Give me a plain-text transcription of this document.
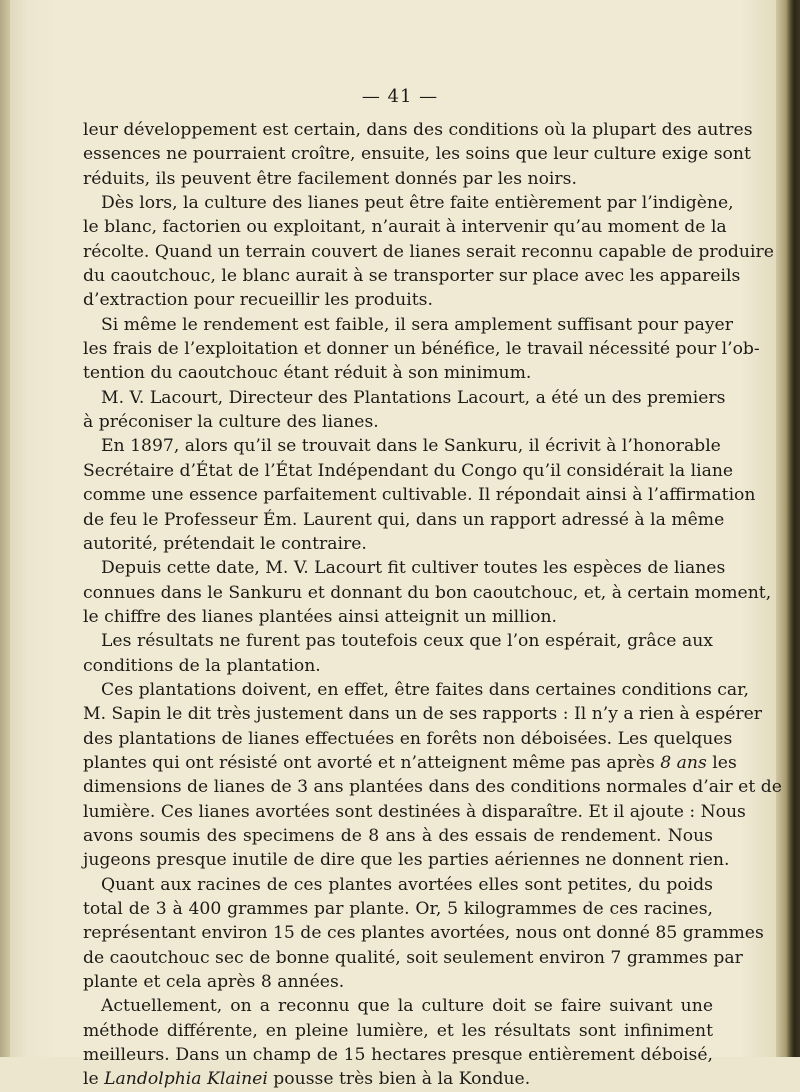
— 41 —
leur développement est certain, dans des conditions où la plupart des autres
essences ne pourraient croître, ensuite, les soins que leur culture exige sont
réduits, ils peuvent être facilement donnés par les noirs.
Dès lors, la culture des lianes peut être faite entièrement par l’indigène,
le blanc, factorien ou exploitant, n’aurait à intervenir qu’au moment de la
récolte. Quand un terrain couvert de lianes serait reconnu capable de produire
du caoutchouc, le blanc aurait à se transporter sur place avec les appareils
d’extraction pour recueillir les produits.
Si même le rendement est faible, il sera amplement suffisant pour payer
les frais de l’exploitation et donner un bénéfice, le travail nécessité pour l’ob-
tention du caoutchouc étant réduit à son minimum.
M. V. Lacourt, Directeur des Plantations Lacourt, a été un des premiers
à préconiser la culture des lianes.
En 1897, alors qu’il se trouvait dans le Sankuru, il écrivit à l’honorable
Secrétaire d’État de l’État Indépendant du Congo qu’il considérait la liane
comme une essence parfaitement cultivable. Il répondait ainsi à l’affirmation
de feu le Professeur Ém. Laurent qui, dans un rapport adressé à la même
autorité, prétendait le contraire.
Depuis cette date, M. V. Lacourt fit cultiver toutes les espèces de lianes
connues dans le Sankuru et donnant du bon caoutchouc, et, à certain moment,
le chiffre des lianes plantées ainsi atteignit un million.
Les résultats ne furent pas toutefois ceux que l’on espérait, grâce aux
conditions de la plantation.
Ces plantations doivent, en effet, être faites dans certaines conditions car,
M. Sapin le dit très justement dans un de ses rapports : Il n’y a rien à espérer
des plantations de lianes effectuées en forêts non déboisées. Les quelques
plantes qui ont résisté ont avorté et n’atteignent même pas après 8 ans les
dimensions de lianes de 3 ans plantées dans des conditions normales d’air et de
lumière. Ces lianes avortées sont destinées à disparaître. Et il ajoute : Nous
avons soumis des specimens de 8 ans à des essais de rendement. Nous
jugeons presque inutile de dire que les parties aériennes ne donnent rien.
Quant aux racines de ces plantes avortées elles sont petites, du poids
total de 3 à 400 grammes par plante. Or, 5 kilogrammes de ces racines,
représentant environ 15 de ces plantes avortées, nous ont donné 85 grammes
de caoutchouc sec de bonne qualité, soit seulement environ 7 grammes par
plante et cela après 8 années.
Actuellement, on a reconnu que la culture doit se faire suivant une
méthode différente, en pleine lumière, et les résultats sont infiniment
meilleurs. Dans un champ de 15 hectares presque entièrement déboisé,
le Landolphia Klainei pousse très bien à la Kondue.
